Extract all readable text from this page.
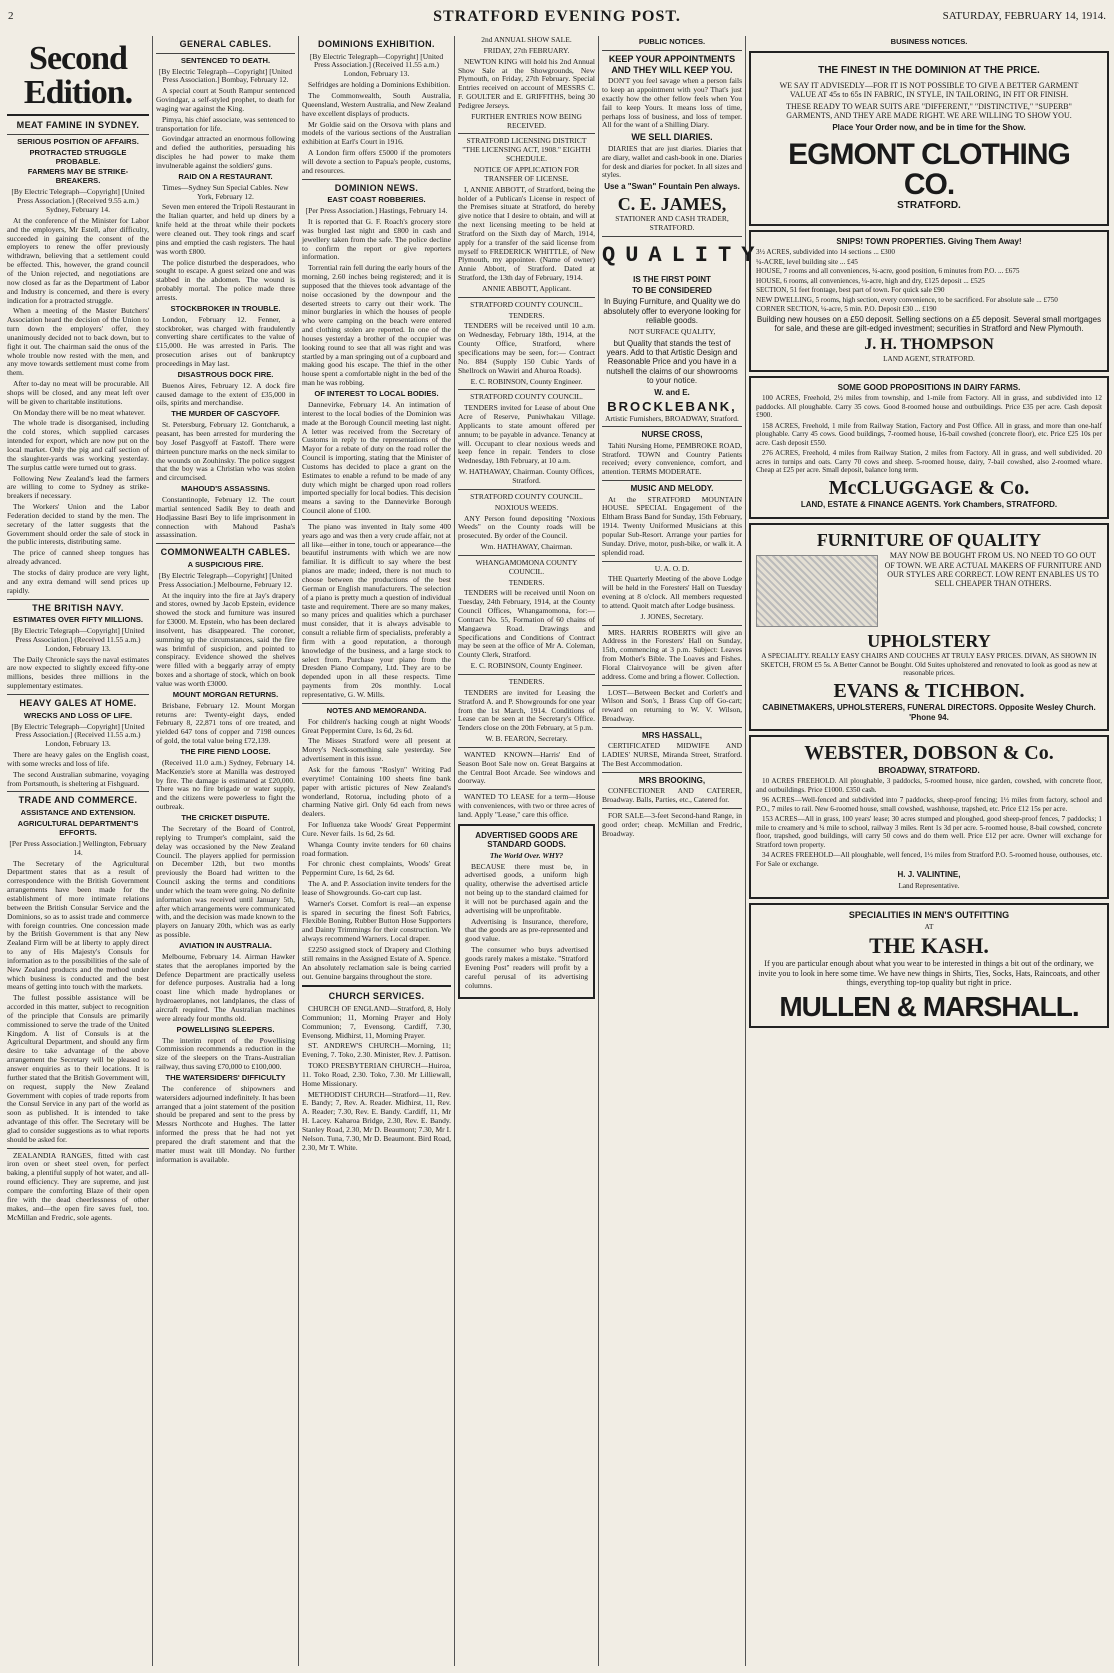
2	STRATFORD EVENING POST.	SATURDAY, FEBRUARY 14, 1914.
Second Edition.
MEAT FAMINE IN SYDNEY.
SERIOUS POSITION OF AFFAIRS.
PROTRACTED STRUGGLE PROBABLE.
FARMERS MAY BE STRIKE-BREAKERS.

[By Electric Telegraph—Copyright] [United Press Association.] (Received 9.55 a.m.) Sydney, February 14.

At the conference of the Minister for Labor and the employers, Mr Estell, after difficulty, succeeded in gaining the consent of the employers to renew the offer previously withdrawn, believing that a settlement could be effected. This, however, the grand council of the Union rejected, and negotiations are now closed as far as the Department of Labor and Industry is concerned, and there is every indication for a protracted struggle.

When a meeting of the Master Butchers' Association heard the decision of the Union to turn down the employers' offer, they unanimously decided not to back down, but to fight it out. The chairman said the onus of the whole trouble now rested with the men, and any move towards settlement must come from them.

After to-day no meat will be procurable. All shops will be closed, and any meat left over will be given to charitable institutions.

On Monday there will be no meat whatever.

The whole trade is disorganised, including the cold stores, which supplied carcases intended for export, which are now put on the local market. Only the pig and calf section of the slaughter-yards was working yesterday. The surplus cattle were turned out to grass.

Following New Zealand's lead the farmers are willing to come to Sydney as strike-breakers if necessary.

The Workers' Union and the Labor Federation decided to stand by the men. The secretary of the latter suggests that the Government should order the sale of stock in the public interests, distributing same.

The price of canned sheep tongues has already advanced.

The stocks of dairy produce are very light, and any extra demand will send prices up rapidly.

THE BRITISH NAVY.
ESTIMATES OVER FIFTY MILLIONS.

[By Electric Telegraph—Copyright] [United Press Association.] (Received 11.55 a.m.) London, February 13.

The Daily Chronicle says the naval estimates are now expected to slightly exceed fifty-one millions, besides three millions in the supplementary estimates.

HEAVY GALES AT HOME.
WRECKS AND LOSS OF LIFE.

[By Electric Telegraph—Copyright] [United Press Association.] (Received 11.55 a.m.) London, February 13.

There are heavy gales on the English coast, with some wrecks and loss of life.

The second Australian submarine, voyaging from Portsmouth, is sheltering at Fishguard.

TRADE AND COMMERCE.
ASSISTANCE AND EXTENSION.
AGRICULTURAL DEPARTMENT'S EFFORTS.

[Per Press Association.] Wellington, February 14.

The Secretary of the Agricultural Department states that as a result of correspondence with the British Government arrangements have been made for the establishment of more intimate relations between the British Consular Service and the Dominions, so as to assist trade and commerce with foreign countries. One concession made by the British Government is that any New Zealand Firm will be at liberty to apply direct to any of His Majesty's Consuls for information as to the possibilities of the sale of New Zealand products and the method under which business is conducted and the best means of getting into touch with the markets.

The fullest possible assistance will be accorded in this matter, subject to recognition of the principle that Consuls are primarily commissioned to serve the trade of the United Kingdom. A list of Consuls is at the Agricultural Department, and should any firm desire to take advantage of the above arrangement the Secretary will be pleased to answer enquiries as to their locations. It is further stated that the British Government will, on request, supply the New Zealand Government with copies of trade reports from the Consul Service in any part of the world as soon as published. It is intended to take advantage of this offer. The Secretary will be glad to consider suggestions as to what reports should be asked for.

ZEALANDIA RANGES, fitted with cast iron oven or sheet steel oven, for perfect baking, a plentiful supply of hot water, and all-round efficiency. They are supreme, and just compare the comforting Blaze of their open fire with the dead cheerlessness of other makes, and—the open fire saves fuel, too. McMillan and Fredric, sole agents.

GENERAL CABLES.
SENTENCED TO DEATH.

[By Electric Telegraph—Copyright] [United Press Association.] Bombay, February 12.

A special court at South Rampur sentenced Govindgar, a self-styled prophet, to death for waging war against the King.

Pimya, his chief associate, was sentenced to transportation for life.

Govindgar attracted an enormous following and defied the authorities, persuading his disciples he had power to make them invulnerable against the soldiers' guns.

RAID ON A RESTAURANT.

Times—Sydney Sun Special Cables. New York, February 12.

Seven men entered the Tripoli Restaurant in the Italian quarter, and held up diners by a knife held at the throat while their pockets were cleaned out. They took rings and scarf pins and emptied the cash registers. The haul was worth £800.

The police disturbed the desperadoes, who sought to escape. A guest seized one and was stabbed in the abdomen. The wound is probably mortal. The police made three arrests.

STOCKBROKER IN TROUBLE.

London, February 12. Fenner, a stockbroker, was charged with fraudulently converting share certificates to the value of £15,000. He was arrested in Paris. The prosecution arises out of bankruptcy proceedings in May last.

DISASTROUS DOCK FIRE.

Buenos Aires, February 12. A dock fire caused damage to the extent of £35,000 in oils, spirits and merchandise.

THE MURDER OF CASCYOFF.

St. Petersburg, February 12. Gontcharuk, a peasant, has been arrested for murdering the boy Josef Pasgyoff at Fastoff. There were thirteen puncture marks on the neck similar to the wounds on Zouhinsky. The police suggest that the boy was a Christian who was stolen and circumcised.

MAHOUD'S ASSASSINS.

Constantinople, February 12. The court martial sentenced Sadik Bey to death and Hodjassine Basri Bey to life imprisonment in connection with Mahoud Pasha's assassination.

COMMONWEALTH CABLES.
A SUSPICIOUS FIRE.

[By Electric Telegraph—Copyright] [United Press Association.] Melbourne, February 12.

At the inquiry into the fire at Jay's drapery and stores, owned by Jacob Epstein, evidence showed the stock and furniture was insured for £3000. M. Epstein, who has been declared insolvent, has disappeared. The coroner, summing up the circumstances, said the fire was brimful of suspicion, and pointed to conspiracy. Evidence showed the shelves were filled with a beggarly array of empty boxes and a shortage of stock, which on book value was worth £3000.

MOUNT MORGAN RETURNS.

Brisbane, February 12. Mount Morgan returns are: Twenty-eight days, ended February 8, 22,871 tons of ore treated, and yielded 647 tons of copper and 7198 ounces of gold, the total value being £72,139.

THE FIRE FIEND LOOSE.

(Received 11.0 a.m.) Sydney, February 14. MacKenzie's store at Manilla was destroyed by fire. The damage is estimated at £20,000. There was no fire brigade or water supply, and the citizens were powerless to fight the outbreak.

THE CRICKET DISPUTE.

The Secretary of the Board of Control, replying to Trumper's complaint, said the delay was occasioned by the New Zealand Council. The players applied for permission on December 12th, but two months previously the Board had written to the Council asking the terms and conditions under which the team were going. No definite information was received until January 5th, after which arrangements were communicated with, and the decision was made known to the players on January 20th, which was as early as possible.

AVIATION IN AUSTRALIA.

Melbourne, February 14. Airman Hawker states that the aeroplanes imported by the Defence Department are practically useless for defence purposes. Australia had a long coast line which made hydroplanes or hydroaeroplanes, not landplanes, the class of aircraft required. The Australian machines were already four months old.

POWELLISING SLEEPERS.

The interim report of the Powellising Commission recommends a reduction in the size of the sleepers on the Trans-Australian railway, thus saving £70,000 to £100,000.

THE WATERSIDERS' DIFFICULTY

The conference of shipowners and watersiders adjourned indefinitely. It has been arranged that a joint statement of the position should be prepared and sent to the press by Messrs Northcote and Hughes. The latter informed the press that he had not yet prepared the draft statement and that the matter must wait till Monday. No further information is available.

DOMINIONS EXHIBITION.

[By Electric Telegraph—Copyright] [United Press Association.] (Received 11.55 a.m.) London, February 13.

Selfridges are holding a Dominions Exhibition.

The Commonwealth, South Australia, Queensland, Western Australia, and New Zealand have excellent displays of products.

Mr Goldie said on the Orsova with plans and models of the various sections of the Australian exhibition at Earl's Court in 1916.

A London firm offers £5000 if the promoters will devote a section to Papua's people, customs, and resources.

DOMINION NEWS.
EAST COAST ROBBERIES.

[Per Press Association.] Hastings, February 14.

It is reported that G. F. Roach's grocery store was burgled last night and £800 in cash and jewellery taken from the safe. The police decline to confirm the report or give reporters information.

Torrential rain fell during the early hours of the morning, 2.60 inches being registered; and it is supposed that the thieves took advantage of the noise occasioned by the downpour and the deserted streets to carry out their work. The minor burglaries in which the houses of people who were camping on the beach were entered and clothing stolen are reported. In one of the houses yesterday a brother of the occupier was looking round to see that all was right and was startled by a man springing out of a cupboard and making good his escape. The thief in the other house spent a comfortable night in the bed of the man he was robbing.

OF INTEREST TO LOCAL BODIES.

Dannevirke, February 14. An intimation of interest to the local bodies of the Dominion was made at the Borough Council meeting last night. A letter was received from the Secretary of Customs in reply to the representations of the Mayor for a rebate of duty on the road roller the Council is importing, stating that the Minister of Customs has decided to place a grant on the Estimates to enable a refund to be made of any duty which might be charged upon road rollers imported specially for local bodies. This decision means a saving to the Dannevirke Borough Council alone of £100.

The piano was invented in Italy some 400 years ago and was then a very crude affair, not at all like—either in tone, touch or appearance—the beautiful instruments with which we are now familiar. It is difficult to say where the best pianos are made; indeed, there is not much to choose between the productions of the best German or English manufacturers. The selection of a piano is pretty much a question of individual taste and requirement. There are so many makes, so many prices and qualities which a purchaser must consider, that it is always advisable to consult a reliable firm of specialists, preferably a firm with a good reputation, a thorough knowledge of the business, and a large stock to select from. Purchase your piano from the Dresden Piano Company, Ltd. They are to be depended upon in all these respects. Time payments from 20s monthly. Local representative, G. W. Mills.

NOTES AND MEMORANDA.

For children's hacking cough at night Woods' Great Peppermint Cure, 1s 6d, 2s 6d.

The Misses Stratford were all present at Morey's Neck-something sale yesterday. See advertisement in this issue.

Ask for the famous "Roslyn" Writing Pad everytime! Containing 100 sheets fine bank paper with artistic pictures of New Zealand's wonderland, Rotorua, including photo of a charming Native girl. Only 6d each from news dealers.

For Influenza take Woods' Great Peppermint Cure. Never fails. 1s 6d, 2s 6d.

Whanga County invite tenders for 60 chains road formation.

For chronic chest complaints, Woods' Great Peppermint Cure, 1s 6d, 2s 6d.

The A. and P. Association invite tenders for the lease of Showgrounds. Go-cart cup last.

Warner's Corset. Comfort is real—an expense is spared in securing the finest Soft Fabrics, Flexible Boning, Rubber Button Hose Supporters and Dainty Trimmings for their construction. We always recommend Warners. Local draper.

£2250 assigned stock of Drapery and Clothing still remains in the Assigned Estate of A. Spence. An absolutely reclamation sale is being carried out. Genuine bargains throughout the store.

CHURCH SERVICES.

CHURCH OF ENGLAND—Stratford, 8, Holy Communion; 11, Morning Prayer and Holy Communion; 7, Evensong. Cardiff, 7.30, Evensong. Midhirst, 11, Morning Prayer.

ST. ANDREW'S CHURCH—Morning, 11; Evening, 7. Toko, 2.30. Minister, Rev. J. Pattison.

TOKO PRESBYTERIAN CHURCH—Huiroa, 11. Toko Road, 2.30. Toko, 7.30. Mr Lilliewall, Home Missionary.

METHODIST CHURCH—Stratford—11, Rev. E. Bandy; 7, Rev. A. Reader. Midhirst, 11, Rev. A. Reader; 7.30, Rev. E. Bandy. Cardiff, 11, Mr H. Lacey. Kaharoa Bridge, 2.30, Rev. E. Bandy. Stanley Road, 2.30, Mr D. Beaumont; 7.30, Mr I. Nelson. Tuna, 7.30, Mr D. Beaumont. Bird Road, 2.30, Mr T. White.

2nd ANNUAL SHOW SALE.

FRIDAY, 27th FEBRUARY.

NEWTON KING will hold his 2nd Annual Show Sale at the Showgrounds, New Plymouth, on Friday, 27th February. Special Entries received on account of MESSRS C. F. GOULTER and E. GRIFFITHS, being 30 Pedigree Jerseys.

FURTHER ENTRIES NOW BEING RECEIVED.

STRATFORD LICENSING DISTRICT "THE LICENSING ACT, 1908." EIGHTH SCHEDULE.

NOTICE OF APPLICATION FOR TRANSFER OF LICENSE.

I, ANNIE ABBOTT, of Stratford, being the holder of a Publican's License in respect of the Premises situate at Stratford, do hereby give notice that I desire to obtain, and will at the next licensing meeting to be held at Stratford on the Sixth day of March, 1914, apply for a transfer of the said license from myself to FREDERICK WHITTLE, of New Plymouth, my appointee. (Name of owner) Annie Abbott, of Stratford. Dated at Stratford, the 13th day of February, 1914.

ANNIE ABBOTT, Applicant.

STRATFORD COUNTY COUNCIL.

TENDERS.

TENDERS will be received until 10 a.m. on Wednesday, February 18th, 1914, at the County Office, Stratford, where specifications may be seen, for:— Contract No. 884 (Supply 150 Cubic Yards of Shellrock on Wawiri and Ahuroa Roads).

E. C. ROBINSON, County Engineer.

STRATFORD COUNTY COUNCIL.

TENDERS invited for Lease of about One Acre of Reserve, Puniwhakau Village. Applicants to state amount offered per annum; to be payable in advance. Tenancy at will. Occupant to clear noxious weeds and keep fence in repair. Tenders to close Wednesday, 18th February, at 10 a.m.

W. HATHAWAY, Chairman. County Offices, Stratford.

STRATFORD COUNTY COUNCIL.

NOXIOUS WEEDS.

ANY Person found depositing "Noxious Weeds" on the County roads will be prosecuted. By order of the Council.

Wm. HATHAWAY, Chairman.

WHANGAMOMONA COUNTY COUNCIL.

TENDERS.

TENDERS will be received until Noon on Tuesday, 24th February, 1914, at the County Council Offices, Whangamomona, for:— Contract No. 55, Formation of 60 chains of Mangaewa Road. Drawings and Specifications and Conditions of Contract may be seen at the office of Mr A. Coleman, County Clerk, Stratford.

E. C. ROBINSON, County Engineer.

TENDERS.

TENDERS are invited for Leasing the Stratford A. and P. Showgrounds for one year from the 1st March, 1914. Conditions of Lease can be seen at the Secretary's Office. Tenders close on the 20th February, at 5 p.m.

W. B. FEARON, Secretary.

WANTED KNOWN—Harris' End of Season Boot Sale now on. Great Bargains at the Central Boot Arcade. See windows and doorway.

WANTED TO LEASE for a term—House with conveniences, with two or three acres of land. Apply "Lease," care this office.

ADVERTISED GOODS ARE STANDARD GOODS.

The World Over. WHY?

BECAUSE there must be, in advertised goods, a uniform high quality, otherwise the advertised article not being up to the standard claimed for it will not be purchased again and the advertising will be unprofitable.

Advertising is Insurance, therefore, that the goods are as pre-represented and good value.

The consumer who buys advertised goods rarely makes a mistake. "Stratford Evening Post" readers will profit by a careful perusal of its advertising columns.

PUBLIC NOTICES.

KEEP YOUR APPOINTMENTS AND THEY WILL KEEP YOU.

DON'T you feel savage when a person fails to keep an appointment with you? That's just exactly how the other fellow feels when You fail to keep Yours. It means loss of time, perhaps loss of business, and loss of temper. All for the want of a Shilling Diary.

WE SELL DIARIES.

DIARIES that are just diaries. Diaries that are diary, wallet and cash-book in one. Diaries for desk and diaries for pocket. In all sizes and styles.

Use a "Swan" Fountain Pen always.

C. E. JAMES,

STATIONER AND CASH TRADER, STRATFORD.

QUALITY

IS THE FIRST POINT

TO BE CONSIDERED

In Buying Furniture, and Quality we do absolutely offer to everyone looking for reliable goods.

NOT SURFACE QUALITY,

but Quality that stands the test of years. Add to that Artistic Design and Reasonable Price and you have in a nutshell the claims of our showrooms to your notice.

W. and E.

BROCKLEBANK,

Artistic Furnishers, BROADWAY, Stratford.

NURSE CROSS,

Tahiti Nursing Home, PEMBROKE ROAD, Stratford. TOWN and Country Patients received; every convenience, comfort, and attention. TERMS MODERATE.

MUSIC AND MELODY.

At the STRATFORD MOUNTAIN HOUSE. SPECIAL Engagement of the Eltham Brass Band for Sunday, 15th February, 1914. Twenty Uniformed Musicians at this popular Sub-Resort. Arrange your parties for Sunday. Drive, motor, push-bike, or walk it. A splendid road.

U. A. O. D.

THE Quarterly Meeting of the above Lodge will be held in the Foresters' Hall on Tuesday evening at 8 o'clock. All members requested to attend. Quoit match after Lodge business.

J. JONES, Secretary.

MRS. HARRIS ROBERTS will give an Address in the Foresters' Hall on Sunday, 15th, commencing at 3 p.m. Subject: Leaves from Mother's Bible. The Loaves and Fishes. Floral Clairvoyance will be given after address. Come and bring a flower. Collection.

LOST—Between Becket and Corlett's and Wilson and Son's, 1 Brass Cup off Go-cart; reward on returning to W. V. Wilson, Broadway.

MRS HASSALL,

CERTIFICATED MIDWIFE AND LADIES' NURSE, Miranda Street, Stratford. The Best Accommodation.

MRS BROOKING,

CONFECTIONER AND CATERER, Broadway. Balls, Parties, etc., Catered for.

FOR SALE—3-feet Second-hand Range, in good order; cheap. McMillan and Fredric, Broadway.

BUSINESS NOTICES.

THE FINEST IN THE DOMINION AT THE PRICE.

WE SAY IT ADVISEDLY—FOR IT IS NOT POSSIBLE TO GIVE A BETTER GARMENT VALUE AT 45s to 65s IN FABRIC, IN STYLE, IN TAILORING, IN FIT OR FINISH.

THESE READY TO WEAR SUITS ARE "DIFFERENT," "DISTINCTIVE," "SUPERB" GARMENTS, AND THEY ARE MADE RIGHT. WE ARE WILLING TO SHOW YOU.

Place Your Order now, and be in time for the Show.

EGMONT CLOTHING CO.

STRATFORD.

SNIPS! TOWN PROPERTIES. Giving Them Away!

3½ ACRES, subdivided into 14 sections ... £300
¼-ACRE, level building site ... £45
HOUSE, 7 rooms and all conveniences, ¼-acre, good position, 6 minutes from P.O. ... £675
HOUSE, 6 rooms, all conveniences, ¼-acre, high and dry, £125 deposit ... £525
SECTION, 51 feet frontage, best part of town. For quick sale £90
NEW DWELLING, 5 rooms, high section, every convenience, to be sacrificed. For absolute sale ... £750
CORNER SECTION, ¼-acre, 5 min. P.O. Deposit £30 ... £190

Building new houses on a £50 deposit. Selling sections on a £5 deposit. Several small mortgages for sale, and these are gilt-edged investment; securities in Stratford and New Plymouth.

J. H. THOMPSON

LAND AGENT, STRATFORD.

SOME GOOD PROPOSITIONS IN DAIRY FARMS.

100 ACRES, Freehold, 2½ miles from township, and 1-mile from Factory. All in grass, and subdivided into 12 paddocks. All ploughable. Carry 35 cows. Good 8-roomed house and outbuildings. Price £35 per acre. Cash deposit £900.

158 ACRES, Freehold, 1 mile from Railway Station, Factory and Post Office. All in grass, and more than one-half ploughable. Carry 45 cows. Good buildings, 7-roomed house, 16-bail cowshed (concrete floor), etc. Price £25 10s per acre. Cash deposit £550.

276 ACRES, Freehold, 4 miles from Railway Station, 2 miles from Factory. All in grass, and well subdivided. 20 acres in turnips and oats. Carry 70 cows and sheep. 5-roomed house, dairy, 7-bail cowshed, also 2-roomed whare. Cheap at £25 per acre. Small deposit, balance long term.

McCLUGGAGE & Co.

LAND, ESTATE & FINANCE AGENTS. York Chambers, STRATFORD.

FURNITURE OF QUALITY

MAY NOW BE BOUGHT FROM US. NO NEED TO GO OUT OF TOWN. WE ARE ACTUAL MAKERS OF FURNITURE AND OUR STYLES ARE CORRECT. LOW RENT ENABLES US TO SELL CHEAPER THAN OTHERS.

UPHOLSTERY

A SPECIALITY. REALLY EASY CHAIRS AND COUCHES AT TRULY EASY PRICES. DIVAN, AS SHOWN IN SKETCH, FROM £5 5s. A Better Cannot be Bought. Old Suites upholstered and renovated to look as good as new at reasonable prices.

EVANS & TICHBON.

CABINETMAKERS, UPHOLSTERERS, FUNERAL DIRECTORS. Opposite Wesley Church. 'Phone 94.

WEBSTER, DOBSON & Co.

BROADWAY, STRATFORD.

10 ACRES FREEHOLD. All ploughable, 3 paddocks, 5-roomed house, nice garden, cowshed, with concrete floor, and outbuildings. Price £1000. £350 cash.

96 ACRES—Well-fenced and subdivided into 7 paddocks, sheep-proof fencing; 1½ miles from factory, school and P.O., 7 miles to rail. New 6-roomed house, small cowshed, washhouse, trapshed, etc. Price £12 15s per acre.

153 ACRES—All in grass, 100 years' lease; 30 acres stumped and ploughed, good sheep-proof fences, 7 paddocks; 1 mile to creamery and ¼ mile to school, railway 3 miles. Rent 1s 3d per acre. 5-roomed house, 8-bail cowshed, concrete floor, trapshed, good buildings, will carry 50 cows and do them well. Price £12 per acre. Owner will exchange for Stratford town property.

34 ACRES FREEHOLD—All ploughable, well fenced, 1½ miles from Stratford P.O. 5-roomed house, outhouses, etc. For Sale or exchange.

H. J. VALINTINE,

Land Representative.

SPECIALITIES IN MEN'S OUTFITTING

AT

THE KASH.

If you are particular enough about what you wear to be interested in things a bit out of the ordinary, we invite you to look in here some time. We have new things in Shirts, Ties, Socks, Hats, Raincoats, and other things, everything top-top quality but right in price.

MULLEN & MARSHALL.
